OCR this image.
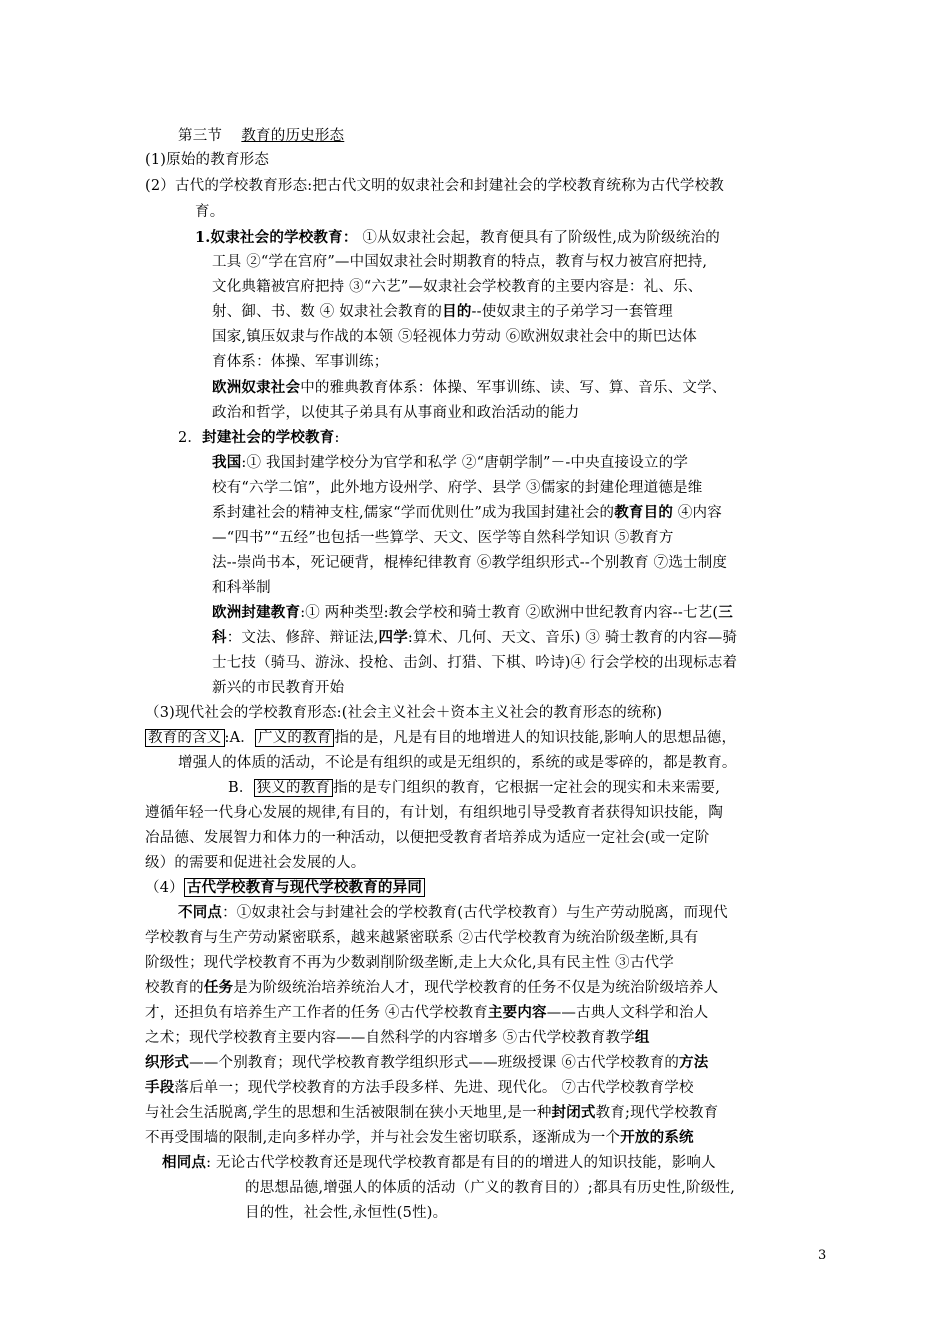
第三节 教育的历史形态
(1)原始的教育形态
(2）古代的学校教育形态:把古代文明的奴隶社会和封建社会的学校教育统称为古代学校教
育。
1.奴隶社会的学校教育： ①从奴隶社会起，教育便具有了阶级性,成为阶级统治的
工具 ②“学在宫府”—中国奴隶社会时期教育的特点，教育与权力被宫府把持,
文化典籍被宫府把持 ③“六艺”—奴隶社会学校教育的主要内容是：礼、乐、
射、御、书、数 ④ 奴隶社会教育的目的--使奴隶主的子弟学习一套管理
国家,镇压奴隶与作战的本领 ⑤轻视体力劳动 ⑥欧洲奴隶社会中的斯巴达体
育体系：体操、军事训练；
欧洲奴隶社会中的雅典教育体系：体操、军事训练、读、写、算、音乐、文学、
政治和哲学，以使其子弟具有从事商业和政治活动的能力
2．封建社会的学校教育:
我国:① 我国封建学校分为官学和私学 ②“唐朝学制”－-中央直接设立的学
校有“六学二馆”，此外地方设州学、府学、县学 ③儒家的封建伦理道德是维
系封建社会的精神支柱,儒家“学而优则仕”成为我国封建社会的教育目的 ④内容
—“四书”“五经”也包括一些算学、天文、医学等自然科学知识 ⑤教育方
法--崇尚书本，死记硬背，棍棒纪律教育 ⑥教学组织形式--个别教育 ⑦选士制度
和科举制
欧洲封建教育:① 两种类型:教会学校和骑士教育 ②欧洲中世纪教育内容--七艺(三
科：文法、修辞、辩证法,四学:算术、几何、天文、音乐) ③ 骑士教育的内容—骑
士七技（骑马、游泳、投枪、击剑、打猎、下棋、吟诗)④ 行会学校的出现标志着
新兴的市民教育开始
（3)现代社会的学校教育形态:(社会主义社会＋资本主义社会的教育形态的统称)
教育的含义 :A． 广义的教育 指的是，凡是有目的地增进人的知识技能,影响人的思想品德，
增强人的体质的活动，不论是有组织的或是无组织的，系统的或是零碎的，都是教育。
B． 狭义的教育 指的是专门组织的教育，它根据一定社会的现实和未来需要,
遵循年轻一代身心发展的规律,有目的，有计划，有组织地引导受教育者获得知识技能，陶
冶品德、发展智力和体力的一种活动，以便把受教育者培养成为适应一定社会(或一定阶
级）的需要和促进社会发展的人。
（4） 古代学校教育与现代学校教育的异同
不同点：①奴隶社会与封建社会的学校教育(古代学校教育）与生产劳动脱离，而现代
学校教育与生产劳动紧密联系，越来越紧密联系 ②古代学校教育为统治阶级垄断,具有
阶级性；现代学校教育不再为少数剥削阶级垄断,走上大众化,具有民主性 ③古代学
校教育的任务是为阶级统治培养统治人才，现代学校教育的任务不仅是为统治阶级培养人
才，还担负有培养生产工作者的任务 ④古代学校教育主要内容——古典人文科学和治人
之术；现代学校教育主要内容——自然科学的内容增多 ⑤古代学校教育教学组
织形式——个别教育；现代学校教育教学组织形式——班级授课 ⑥古代学校教育的方法
手段落后单一；现代学校教育的方法手段多样、先进、现代化。 ⑦古代学校教育学校
与社会生活脱离,学生的思想和生活被限制在狭小天地里,是一种封闭式教育;现代学校教育
不再受围墙的限制,走向多样办学，并与社会发生密切联系，逐渐成为一个开放的系统
相同点: 无论古代学校教育还是现代学校教育都是有目的的增进人的知识技能，影响人
的思想品德,增强人的体质的活动（广义的教育目的）;都具有历史性,阶级性,
目的性，社会性,永恒性(5性)。
3
